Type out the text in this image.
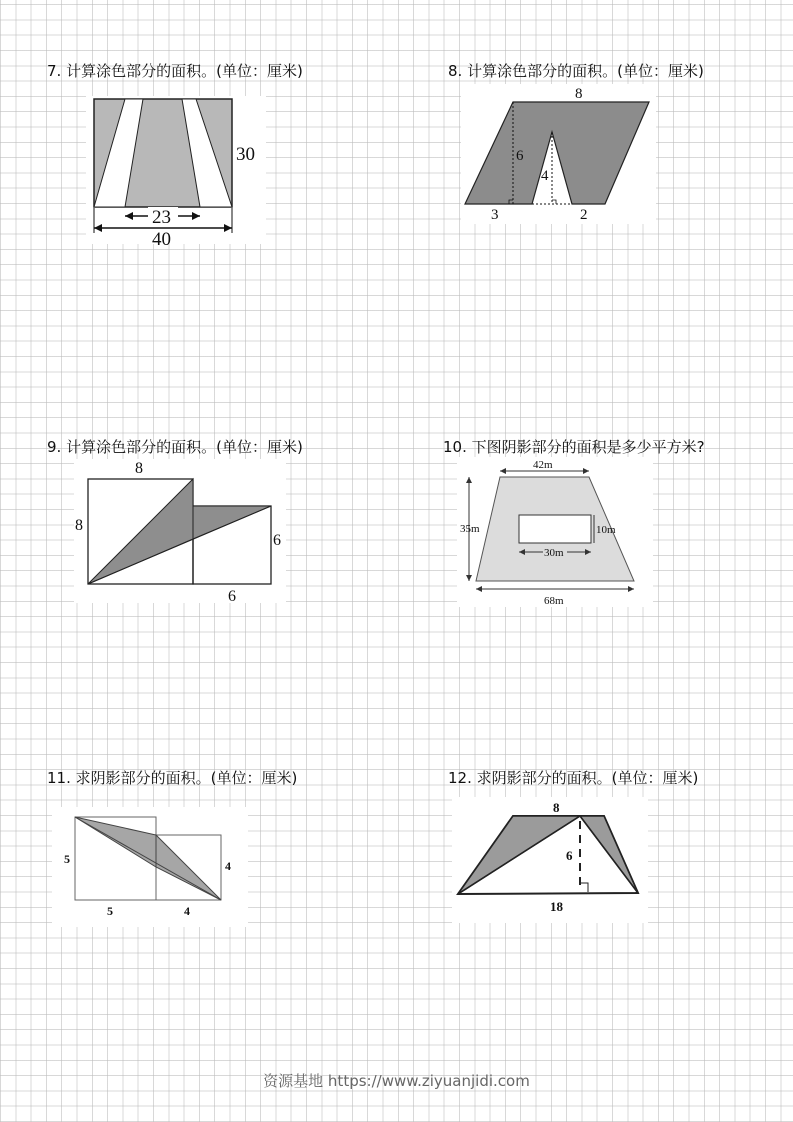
7. 计算涂色部分的面积。(单位：厘米)
30
23
40
8. 计算涂色部分的面积。(单位：厘米)
8
6
4
3	2
9. 计算涂色部分的面积。(单位：厘米)
8
8
6
6
10. 下图阴影部分的面积是多少平方米?
42m
35m	10m
30m
68m
11. 求阴影部分的面积。(单位：厘米)
5	4
5	4
12. 求阴影部分的面积。(单位：厘米)
8
6
18
资源基地 https://www.ziyuanjidi.com
